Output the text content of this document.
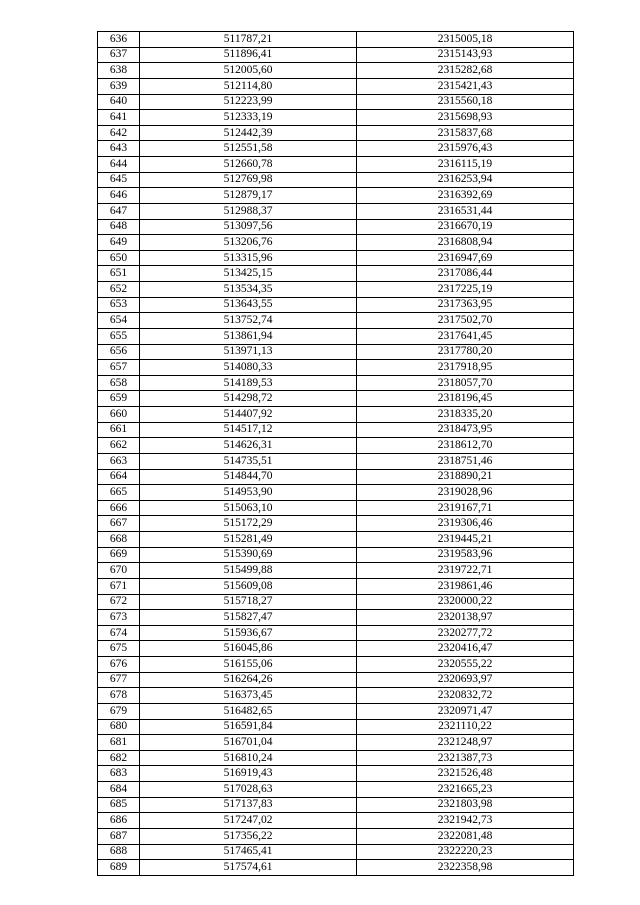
636	511787,21	2315005,18
637	511896,41	2315143,93
638	512005,60	2315282,68
639	512114,80	2315421,43
640	512223,99	2315560,18
641	512333,19	2315698,93
642	512442,39	2315837,68
643	512551,58	2315976,43
644	512660,78	2316115,19
645	512769,98	2316253,94
646	512879,17	2316392,69
647	512988,37	2316531,44
648	513097,56	2316670,19
649	513206,76	2316808,94
650	513315,96	2316947,69
651	513425,15	2317086,44
652	513534,35	2317225,19
653	513643,55	2317363,95
654	513752,74	2317502,70
655	513861,94	2317641,45
656	513971,13	2317780,20
657	514080,33	2317918,95
658	514189,53	2318057,70
659	514298,72	2318196,45
660	514407,92	2318335,20
661	514517,12	2318473,95
662	514626,31	2318612,70
663	514735,51	2318751,46
664	514844,70	2318890,21
665	514953,90	2319028,96
666	515063,10	2319167,71
667	515172,29	2319306,46
668	515281,49	2319445,21
669	515390,69	2319583,96
670	515499,88	2319722,71
671	515609,08	2319861,46
672	515718,27	2320000,22
673	515827,47	2320138,97
674	515936,67	2320277,72
675	516045,86	2320416,47
676	516155,06	2320555,22
677	516264,26	2320693,97
678	516373,45	2320832,72
679	516482,65	2320971,47
680	516591,84	2321110,22
681	516701,04	2321248,97
682	516810,24	2321387,73
683	516919,43	2321526,48
684	517028,63	2321665,23
685	517137,83	2321803,98
686	517247,02	2321942,73
687	517356,22	2322081,48
688	517465,41	2322220,23
689	517574,61	2322358,98
